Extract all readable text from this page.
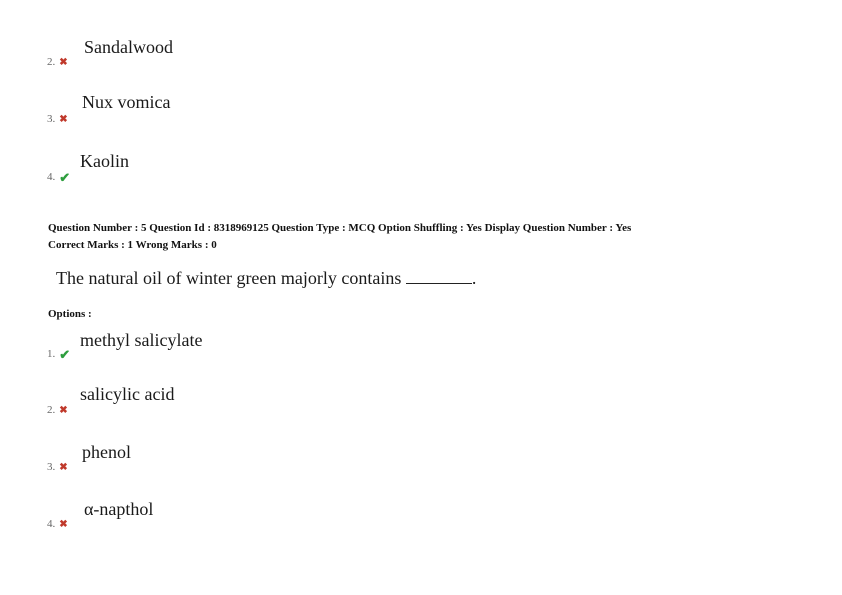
Sandalwood
2. ✖
Nux vomica
3. ✖
Kaolin
4. ✔
Question Number : 5 Question Id : 8318969125 Question Type : MCQ Option Shuffling : Yes Display Question Number : Yes
Correct Marks : 1 Wrong Marks : 0
The natural oil of winter green majorly contains	.
Options :
methyl salicylate
1. ✔
salicylic acid
2. ✖
phenol
3. ✖
α-napthol
4. ✖
